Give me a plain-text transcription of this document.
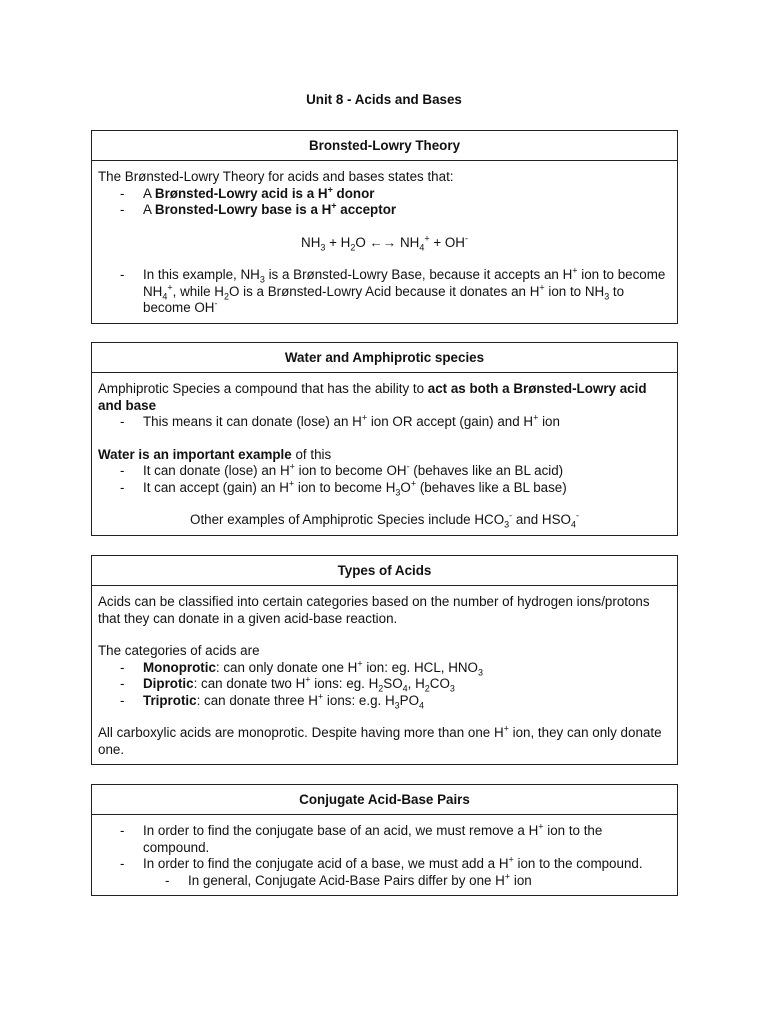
Unit 8 - Acids and Bases
Bronsted-Lowry Theory
The Brønsted-Lowry Theory for acids and bases states that:
- A Brønsted-Lowry acid is a H+ donor
- A Bronsted-Lowry base is a H+ acceptor
$NH_3 + H_2O$ ←→ $NH_4^+ + OH^-$
- In this example, $NH_3$ is a Brønsted-Lowry Base, because it accepts an H+ ion to become $NH_4^+$, while $H_2O$ is a Brønsted-Lowry Acid because it donates an H+ ion to $NH_3$ to become OH-
Water and Amphiprotic species
Amphiprotic Species a compound that has the ability to act as both a Brønsted-Lowry acid and base
- This means it can donate (lose) an H+ ion OR accept (gain) and H+ ion
Water is an important example of this
- It can donate (lose) an H+ ion to become OH- (behaves like an BL acid)
- It can accept (gain) an H+ ion to become $H_3O^+$ (behaves like a BL base)
Other examples of Amphiprotic Species include $HCO_3^-$ and $HSO_4^-$
Types of Acids
Acids can be classified into certain categories based on the number of hydrogen ions/protons that they can donate in a given acid-base reaction.
The categories of acids are
- Monoprotic: can only donate one H+ ion: eg. HCL, $HNO_3$
- Diprotic: can donate two H+ ions: eg. $H_2SO_4$, $H_2CO_3$
- Triprotic: can donate three H+ ions: e.g. $H_3PO_4$
All carboxylic acids are monoprotic. Despite having more than one H+ ion, they can only donate one.
Conjugate Acid-Base Pairs
- In order to find the conjugate base of an acid, we must remove a H+ ion to the compound.
- In order to find the conjugate acid of a base, we must add a H+ ion to the compound.
- In general, Conjugate Acid-Base Pairs differ by one H+ ion
